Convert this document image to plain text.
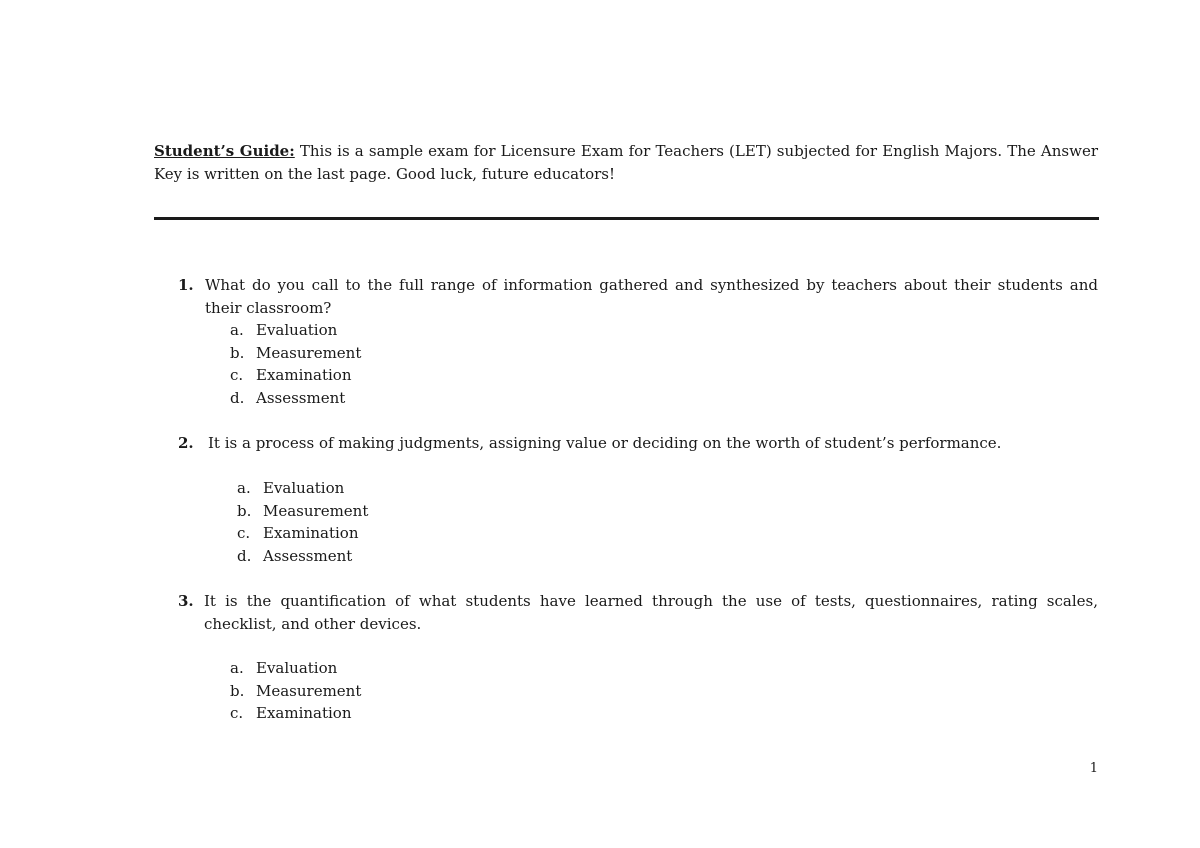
Student’s Guide: This is a sample exam for Licensure Exam for Teachers (LET) subjected for English Majors. The Answer Key is written on the last page. Good luck, future educators!
1. What do you call to the full range of information gathered and synthesized by teachers about their students and their classroom?
a. Evaluation
b. Measurement
c. Examination
d. Assessment
2. It is a process of making judgments, assigning value or deciding on the worth of student’s performance.
a. Evaluation
b. Measurement
c. Examination
d. Assessment
3. It is the quantification of what students have learned through the use of tests, questionnaires, rating scales, checklist, and other devices.
a. Evaluation
b. Measurement
c. Examination
1
